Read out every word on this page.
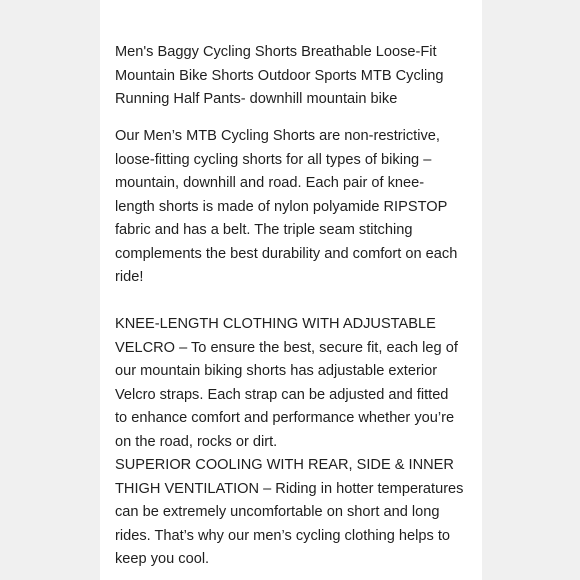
Men's Baggy Cycling Shorts Breathable Loose-Fit
Mountain Bike Shorts Outdoor Sports MTB Cycling
Running Half Pants- downhill mountain bike
Our Men’s MTB Cycling Shorts are non-restrictive,
loose-fitting cycling shorts for all types of biking –
mountain, downhill and road. Each pair of knee-
length shorts is made of nylon polyamide RIPSTOP
fabric and has a belt. The triple seam stitching
complements the best durability and comfort on each
ride!

KNEE-LENGTH CLOTHING WITH ADJUSTABLE
VELCRO – To ensure the best, secure fit, each leg of
our mountain biking shorts has adjustable exterior
Velcro straps. Each strap can be adjusted and fitted
to enhance comfort and performance whether you’re
on the road, rocks or dirt.
SUPERIOR COOLING WITH REAR, SIDE & INNER
THIGH VENTILATION – Riding in hotter temperatures
can be extremely uncomfortable on short and long
rides. That’s why our men’s cycling clothing helps to
keep you cool.
